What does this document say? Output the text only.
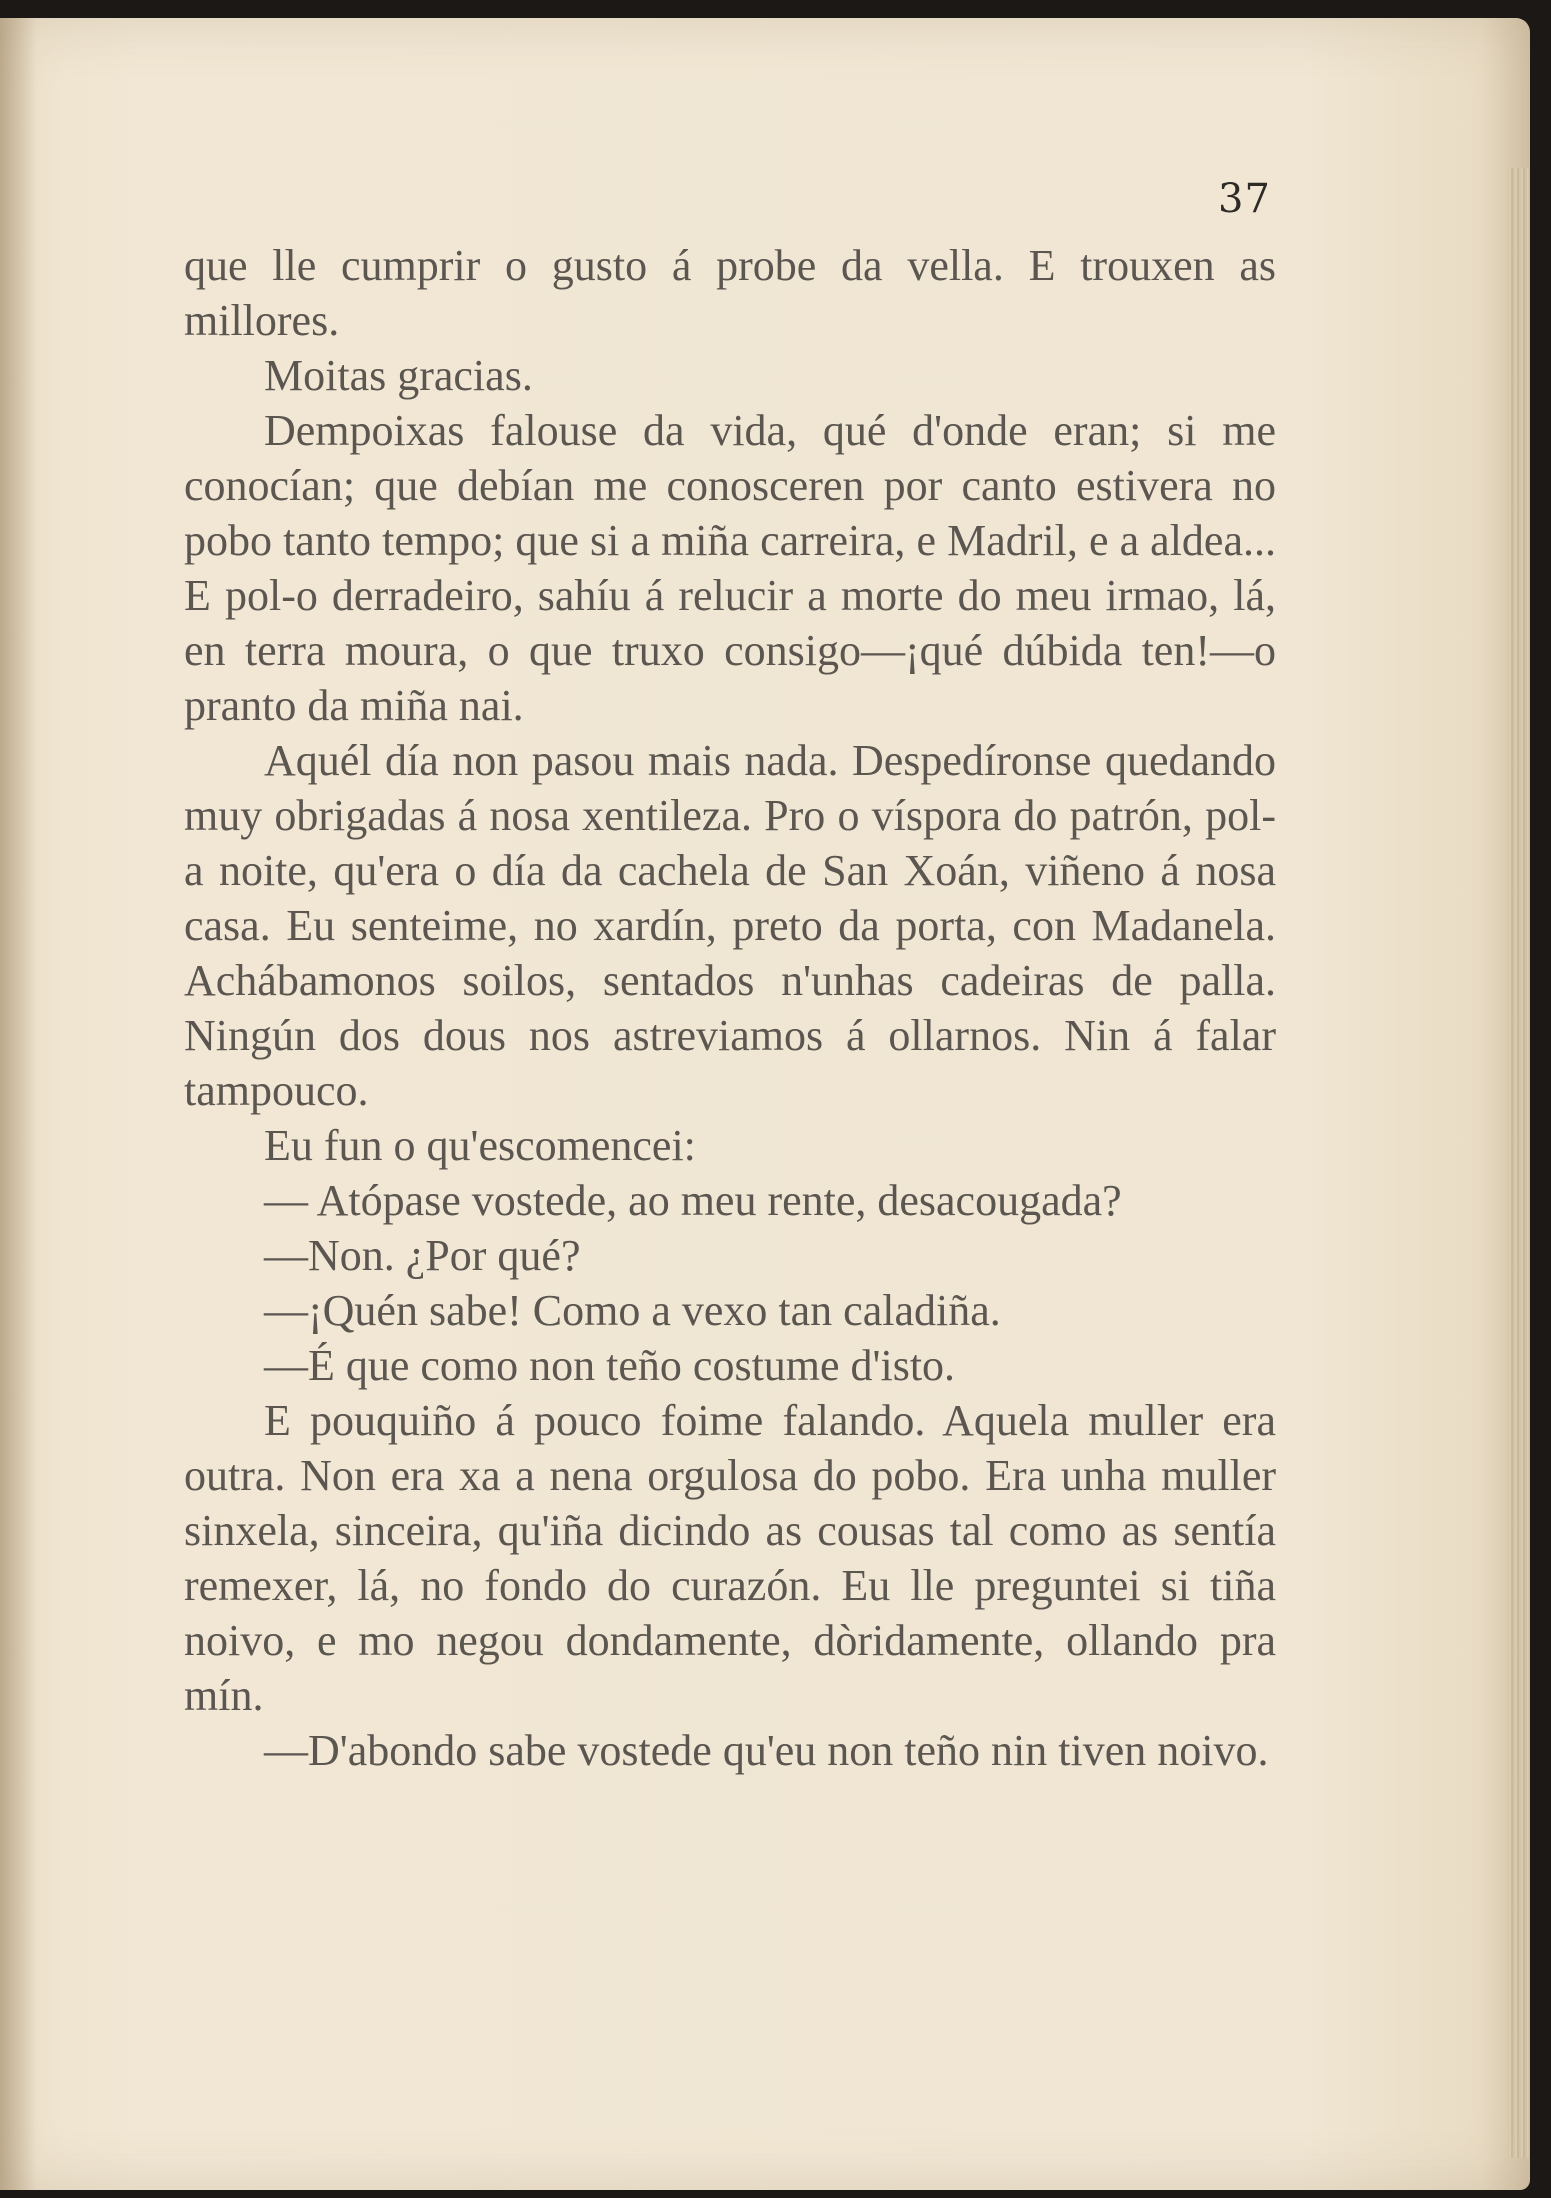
37

que lle cumprir o gusto á probe da vella. E trouxen as millores.

Moitas gracias.

Dempoixas falouse da vida, qué d'onde eran; si me conocían; que debían me conosceren por canto estivera no pobo tanto tempo; que si a miña carreira, e Madril, e a aldea... E pol-o derradeiro, sahíu á relucir a morte do meu irmao, lá, en terra moura, o que truxo consigo—¡qué dúbida ten!—o pranto da miña nai.

Aquél día non pasou mais nada. Despedíronse quedando muy obrigadas á nosa xentileza. Pro o víspora do patrón, pol-a noite, qu'era o día da cachela de San Xoán, viñeno á nosa casa. Eu senteime, no xardín, preto da porta, con Madanela. Achábamonos soilos, sentados n'unhas cadeiras de palla. Ningún dos dous nos astreviamos á ollarnos. Nin á falar tampouco.

Eu fun o qu'escomencei:

— Atópase vostede, ao meu rente, desacougada?

—Non. ¿Por qué?

—¡Quén sabe! Como a vexo tan caladiña.

—É que como non teño costume d'isto.

E pouquiño á pouco foime falando. Aquela muller era outra. Non era xa a nena orgulosa do pobo. Era unha muller sinxela, sinceira, qu'iña dicindo as cousas tal como as sentía remexer, lá, no fondo do curazón. Eu lle preguntei si tiña noivo, e mo negou dondamente, dòridamente, ollando pra mín.

—D'abondo sabe vostede qu'eu non teño nin tiven noivo.
